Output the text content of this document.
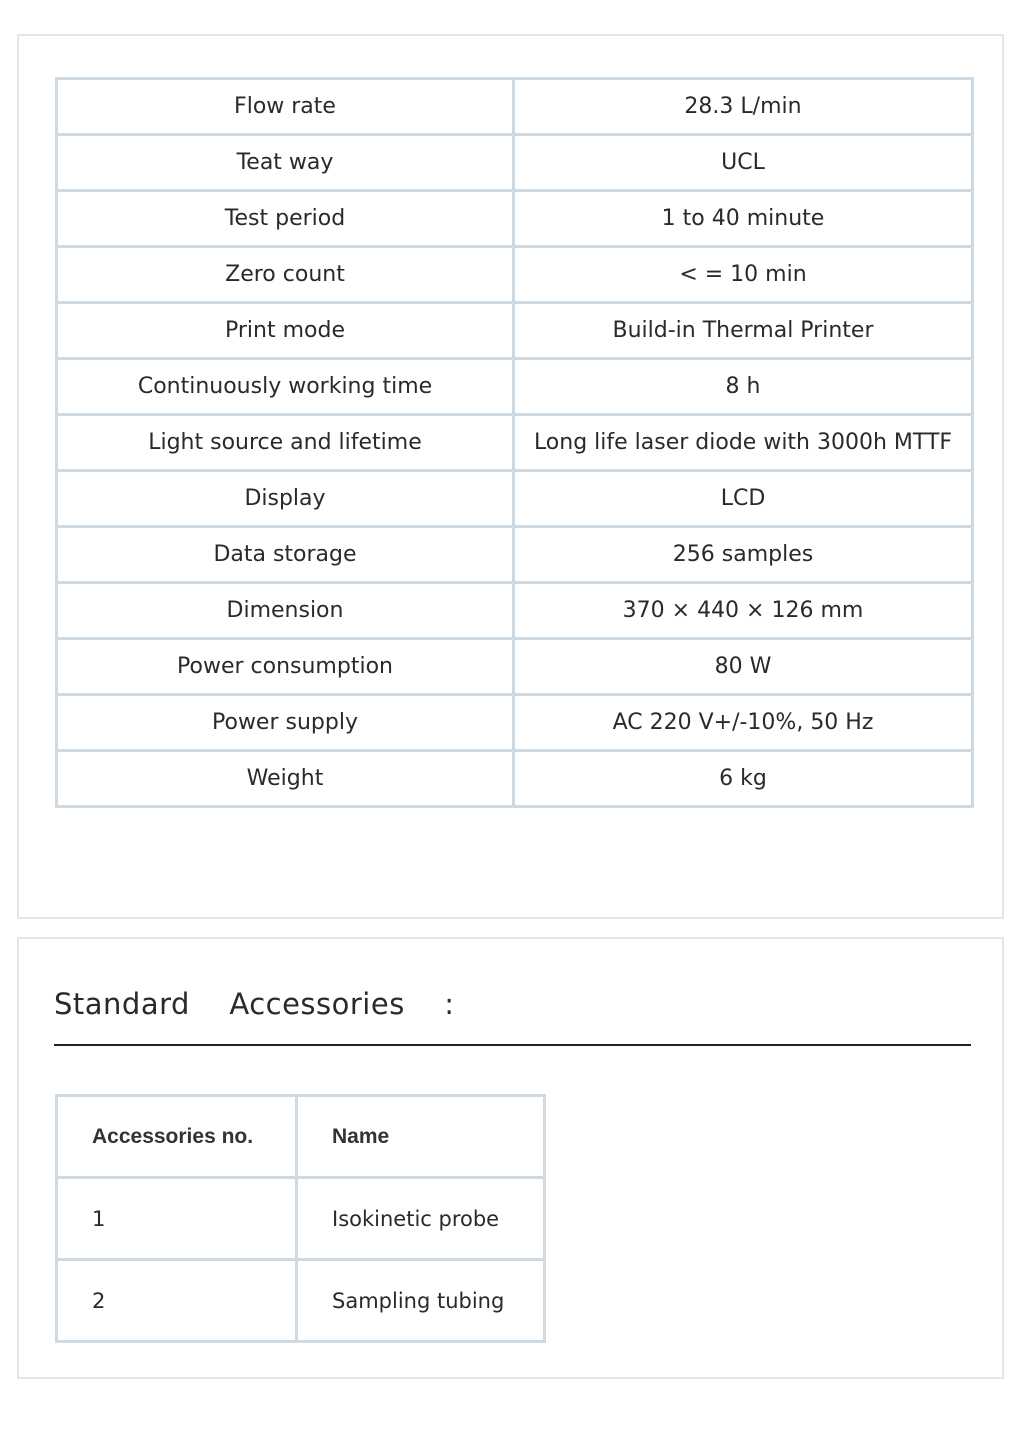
Flow rate	28.3 L/min
Teat way	UCL
Test period	1 to 40 minute
Zero count	< = 10 min
Print mode	Build-in Thermal Printer
Continuously working time	8 h
Light source and lifetime	Long life laser diode with 3000h MTTF
Display	LCD
Data storage	256 samples
Dimension	370 × 440 × 126 mm
Power consumption	80 W
Power supply	AC 220 V+/-10%, 50 Hz
Weight	6 kg
Standard  Accessories  :
Accessories no.	Name
1	Isokinetic probe
2	Sampling tubing
